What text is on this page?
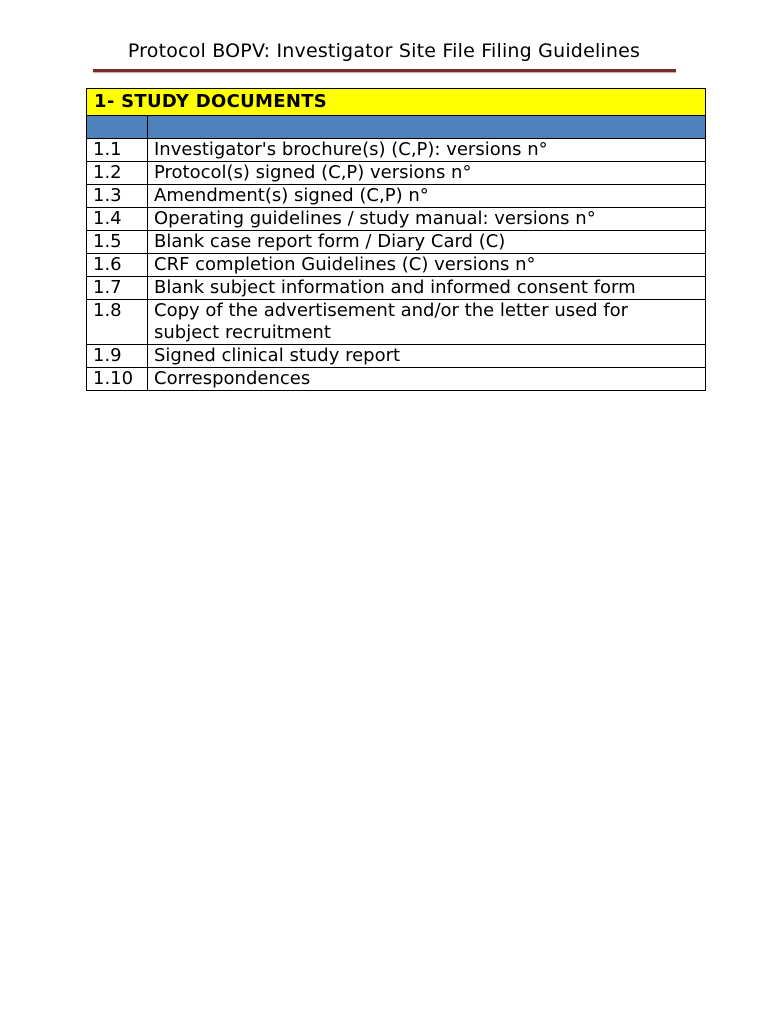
Protocol BOPV: Investigator Site File Filing Guidelines
1- STUDY DOCUMENTS	

1.1	Investigator's brochure(s) (C,P): versions n°
1.2	Protocol(s) signed (C,P) versions n°
1.3	Amendment(s) signed (C,P) n°
1.4	Operating guidelines / study manual: versions n°
1.5	Blank case report form / Diary Card (C)
1.6	CRF completion Guidelines (C) versions n°
1.7	Blank subject information and informed consent form
1.8	Copy of the advertisement and/or the letter used for subject recruitment
1.9	Signed clinical study report
1.10	Correspondences
